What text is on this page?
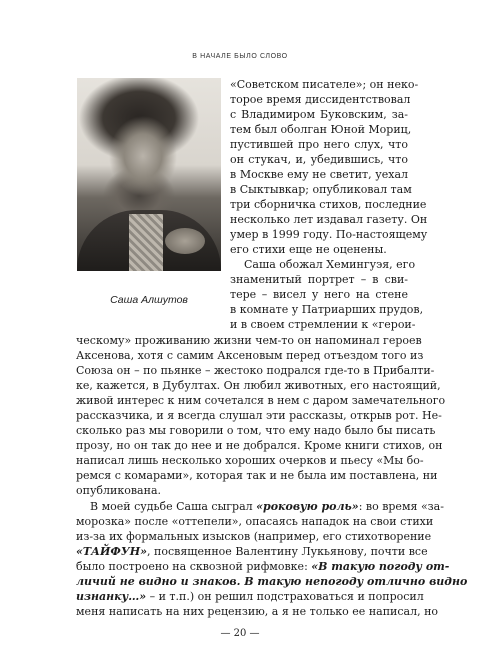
В НАЧАЛЕ БЫЛО СЛОВО
Саша Алшутов
«Советском писателе»; он неко-
торое время диссидентствовал
с Владимиром Буковским, за-
тем был оболган Юной Мориц,
пустившей про него слух, что
он стукач, и, убедившись, что
в Москве ему не светит, уехал
в Сыктывкар; опубликовал там
три сборничка стихов, последние
несколько лет издавал газету. Он
умер в 1999 году. По-настоящему
его стихи еще не оценены.
Саша обожал Хемингуэя, его
знаменитый портрет – в сви-
тере – висел у него на стене
в комнате у Патриарших прудов,
и в своем стремлении к «герои-
ческому» проживанию жизни чем-то он напоминал героев
Аксенова, хотя с самим Аксеновым перед отъездом того из
Союза он – по пьянке – жестоко подрался где-то в Прибалти-
ке, кажется, в Дубултах. Он любил животных, его настоящий,
живой интерес к ним сочетался в нем с даром замечательного
рассказчика, и я всегда слушал эти рассказы, открыв рот. Не-
сколько раз мы говорили о том, что ему надо было бы писать
прозу, но он так до нее и не добрался. Кроме книги стихов, он
написал лишь несколько хороших очерков и пьесу «Мы бо-
ремся с комарами», которая так и не была им поставлена, ни
опубликована.
В моей судьбе Саша сыграл «роковую роль»: во время «за-
морозка» после «оттепели», опасаясь нападок на свои стихи
из-за их формальных изысков (например, его стихотворение
«ТАЙФУН», посвященное Валентину Лукьянову, почти все
было построено на сквозной рифмовке: «В такую погоду от-
личий не видно и знаков. В такую непогоду отлично видно
изнанку…» – и т.п.) он решил подстраховаться и попросил
меня написать на них рецензию, а я не только ее написал, но
— 20 —
